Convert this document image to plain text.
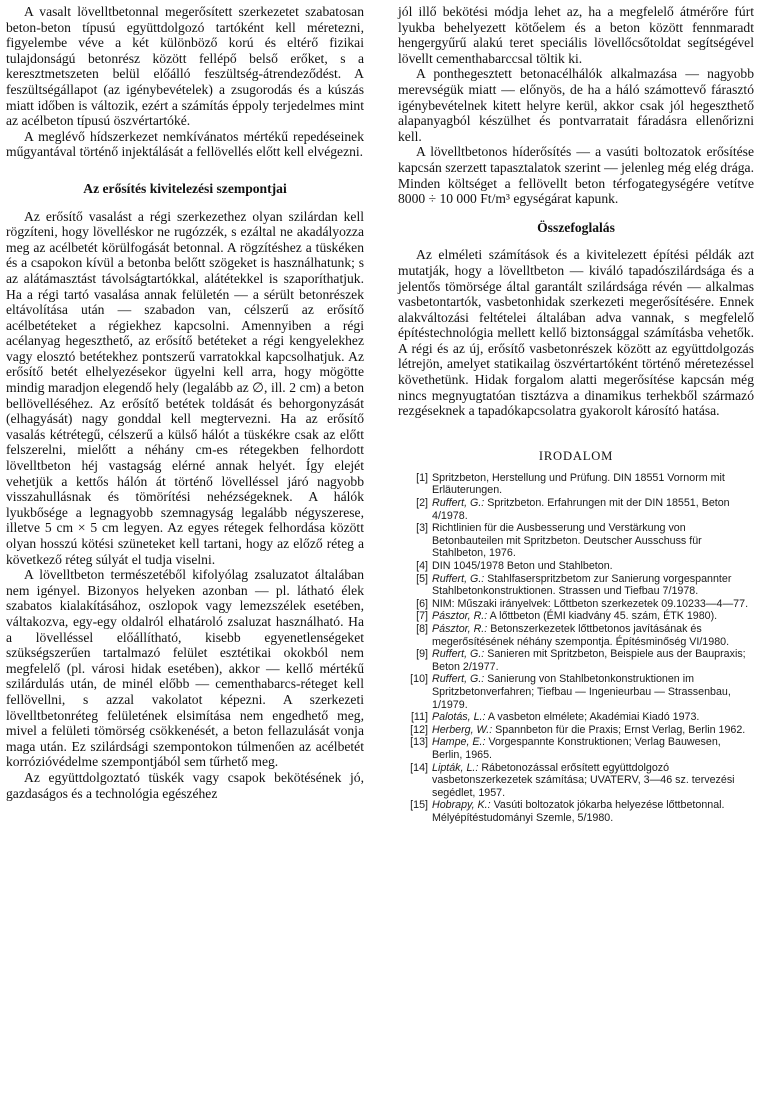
A vasalt lövelltbetonnal megerősített szerkezetet szabatosan beton-beton típusú együttdolgozó tartóként kell méretezni, figyelembe véve a két különböző korú és eltérő fizikai tulajdonságú betonrész között fellépő belső erőket, s a keresztmetszeten belül előálló feszültség-átrendeződést. A feszültségállapot (az igénybevételek) a zsugorodás és a kúszás miatt időben is változik, ezért a számítás éppoly terjedelmes mint az acélbeton típusú öszvértartóké.

A meglévő hídszerkezet nemkívánatos mértékű repedéseinek műgyantával történő injektálását a fellövellés előtt kell elvégezni.

Az erősítés kivitelezési szempontjai

Az erősítő vasalást a régi szerkezethez olyan szilárdan kell rögzíteni, hogy lövelléskor ne rugózzék, s ezáltal ne akadályozza meg az acélbetét körülfogását betonnal. A rögzítéshez a tüskéken és a csapokon kívül a betonba belőtt szögeket is használhatunk; s az alátámasztást távolságtartókkal, alátétekkel is szaporíthatjuk. Ha a régi tartó vasalása annak felületén — a sérült betonrészek eltávolítása után — szabadon van, célszerű az erősítő acélbetéteket a régiekhez kapcsolni. Amennyiben a régi acélanyag hegeszthető, az erősítő betéteket a régi kengyelekhez vagy elosztó betétekhez pontszerű varratokkal kapcsolhatjuk. Az erősítő betét elhelyezésekor ügyelni kell arra, hogy mögötte mindig maradjon elegendő hely (legalább az ∅, ill. 2 cm) a beton bellövelléséhez. Az erősítő betétek toldását és behorgonyzását (elhagyását) nagy gonddal kell megtervezni. Ha az erősítő vasalás kétrétegű, célszerű a külső hálót a tüskékre csak az előtt felszerelni, mielőtt a néhány cm-es rétegekben felhordott lövelltbeton héj vastagság elérné annak helyét. Így elejét vehetjük a kettős hálón át történő lövelléssel járó nagyobb visszahullásnak és tömörítési nehézségeknek. A hálók lyukbősége a legnagyobb szemnagyság legalább négyszerese, illetve 5 cm × 5 cm legyen. Az egyes rétegek felhordása között olyan hosszú kötési szüneteket kell tartani, hogy az előző réteg a következő réteg súlyát el tudja viselni.

A lövelltbeton természetéből kifolyólag zsaluzatot általában nem igényel. Bizonyos helyeken azonban — pl. látható élek szabatos kialakításához, oszlopok vagy lemezszélek esetében, váltakozva, egy-egy oldalról elhatároló zsaluzat használható. Ha a lövelléssel előállítható, kisebb egyenetlenségeket szükségszerűen tartalmazó felület esztétikai okokból nem megfelelő (pl. városi hidak esetében), akkor — kellő mértékű szilárdulás után, de minél előbb — cementhabarcs-réteget kell fellövellni, s azzal vakolatot képezni. A szerkezeti lövelltbetonréteg felületének elsimítása nem engedhető meg, mivel a felületi tömörség csökkenését, a beton fellazulását vonja maga után. Ez szilárdsági szempontokon túlmenően az acélbetét korrózióvédelme szempontjából sem tűrhető meg.

Az együttdolgoztató tüskék vagy csapok bekötésének jó, gazdaságos és a technológia egészéhez

jól illő bekötési módja lehet az, ha a megfelelő átmérőre fúrt lyukba behelyezett kötőelem és a beton között fennmaradt hengergyűrű alakú teret speciális lövellőcsőtoldat segítségével lövellt cementhabarccsal töltik ki.

A ponthegesztett betonacélhálók alkalmazása — nagyobb merevségük miatt — előnyös, de ha a háló számottevő fárasztó igénybevételnek kitett helyre kerül, akkor csak jól hegeszthető alapanyagból készülhet és pontvarratait fáradásra ellenőrizni kell.

A lövelltbetonos híderősítés — a vasúti boltozatok erősítése kapcsán szerzett tapasztalatok szerint — jelenleg még elég drága. Minden költséget a fellövellt beton térfogategységére vetítve 8000 ÷ 10 000 Ft/m³ egységárat kapunk.

Összefoglalás

Az elméleti számítások és a kivitelezett építési példák azt mutatják, hogy a lövelltbeton — kiváló tapadószilárdsága és a jelentős tömörsége által garantált szilárdsága révén — alkalmas vasbetontartók, vasbetonhidak szerkezeti megerősítésére. Ennek alakváltozási feltételei általában adva vannak, s megfelelő építéstechnológia mellett kellő biztonsággal számításba vehetők. A régi és az új, erősítő vasbetonrészek között az együttdolgozás létrejön, amelyet statikailag öszvértartóként történő méretezéssel követhetünk. Hidak forgalom alatti megerősítése kapcsán még nincs megnyugtatóan tisztázva a dinamikus terhekből származó rezgéseknek a tapadókapcsolatra gyakorolt károsító hatása.

IRODALOM
[1] Spritzbeton, Herstellung und Prüfung. DIN 18551 Vornorm mit Erläuterungen.
[2] Ruffert, G.: Spritzbeton. Erfahrungen mit der DIN 18551, Beton 4/1978.
[3] Richtlinien für die Ausbesserung und Verstärkung von Betonbauteilen mit Spritzbeton. Deutscher Ausschuss für Stahlbeton, 1976.
[4] DIN 1045/1978 Beton und Stahlbeton.
[5] Ruffert, G.: Stahlfaserspritzbetom zur Sanierung vorgespannter Stahlbetonkonstruktionen. Strassen und Tiefbau 7/1978.
[6] NIM: Műszaki irányelvek: Lőttbeton szerkezetek 09.10233—4—77.
[7] Pásztor, R.: A lőttbeton (ÉMI kiadvány 45. szám, ÉTK 1980).
[8] Pásztor, R.: Betonszerkezetek lőttbetonos javításának és megerősítésének néhány szempontja. Építésminőség VI/1980.
[9] Ruffert, G.: Sanieren mit Spritzbeton, Beispiele aus der Baupraxis; Beton 2/1977.
[10] Ruffert, G.: Sanierung von Stahlbetonkonstruktionen im Spritzbetonverfahren; Tiefbau — Ingenieurbau — Strassenbau, 1/1979.
[11] Palotás, L.: A vasbeton elmélete; Akadémiai Kiadó 1973.
[12] Herberg, W.: Spannbeton für die Praxis; Ernst Verlag, Berlin 1962.
[13] Hampe, E.: Vorgespannte Konstruktionen; Verlag Bauwesen, Berlin, 1965.
[14] Lipták, L.: Rábetonozással erősített együttdolgozó vasbetonszerkezetek számítása; UVATERV, 3—46 sz. tervezési segédlet, 1957.
[15] Hobrapy, K.: Vasúti boltozatok jókarba helyezése lőttbetonnal. Mélyépítéstudományi Szemle, 5/1980.
